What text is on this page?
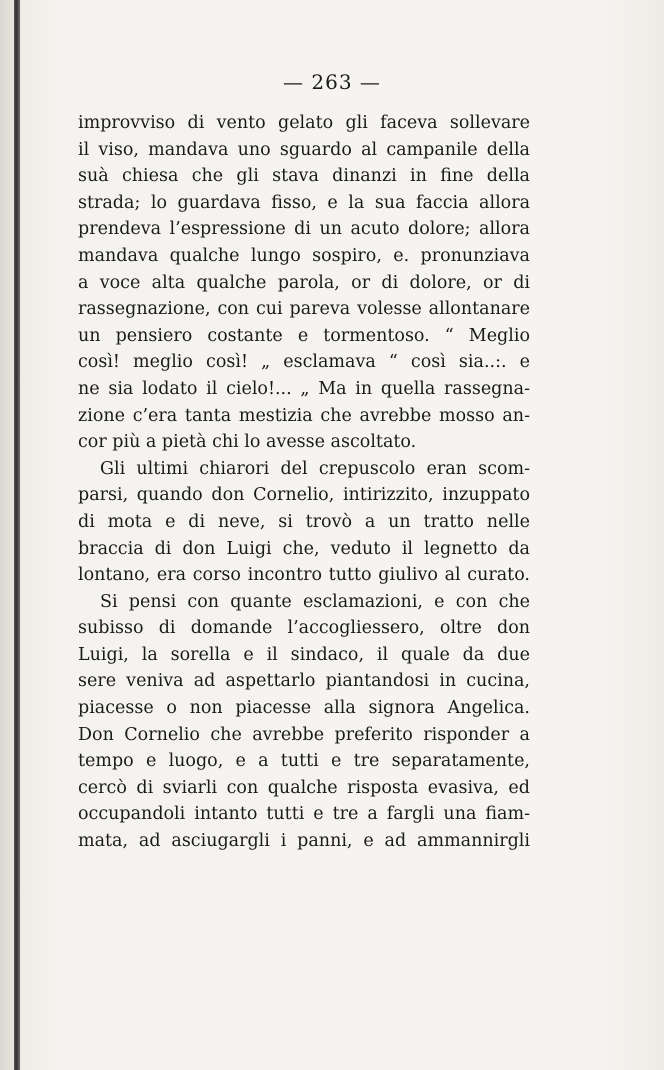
— 263 —
improvviso di vento gelato gli faceva sollevare
il viso, mandava uno sguardo al campanile della
suà chiesa che gli stava dinanzi in fine della
strada; lo guardava fisso, e la sua faccia allora
prendeva l’espressione di un acuto dolore; allora
mandava qualche lungo sospiro, e. pronunziava
a voce alta qualche parola, or di dolore, or di
rassegnazione, con cui pareva volesse allontanare
un pensiero costante e tormentoso. “ Meglio
così! meglio così! „ esclamava “ così sia..:. e
ne sia lodato il cielo!... „ Ma in quella rassegna-
zione c’era tanta mestizia che avrebbe mosso an-
cor più a pietà chi lo avesse ascoltato.
Gli ultimi chiarori del crepuscolo eran scom-
parsi, quando don Cornelio, intirizzito, inzuppato
di mota e di neve, si trovò a un tratto nelle
braccia di don Luigi che, veduto il legnetto da
lontano, era corso incontro tutto giulivo al curato.
Si pensi con quante esclamazioni, e con che
subisso di domande l’accogliessero, oltre don
Luigi, la sorella e il sindaco, il quale da due
sere veniva ad aspettarlo piantandosi in cucina,
piacesse o non piacesse alla signora Angelica.
Don Cornelio che avrebbe preferito risponder a
tempo e luogo, e a tutti e tre separatamente,
cercò di sviarli con qualche risposta evasiva, ed
occupandoli intanto tutti e tre a fargli una fiam-
mata, ad asciugargli i panni, e ad ammannirgli
